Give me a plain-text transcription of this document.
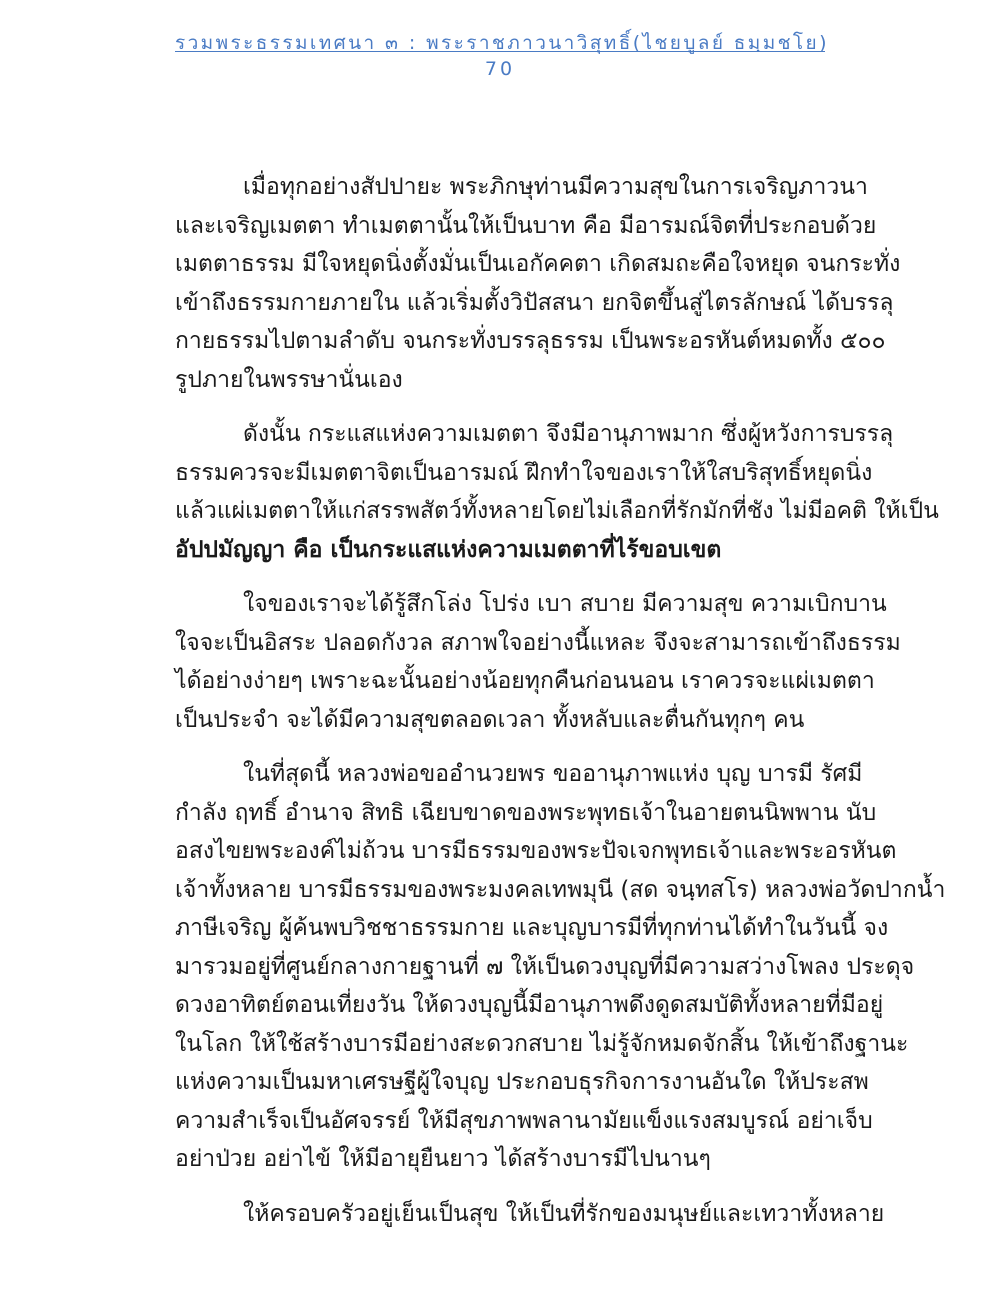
รวมพระธรรมเทศนา ๓ : พระราชภาวนาวิสุทธิ์(ไชยบูลย์ ธมฺมชโย)
70
เมื่อทุกอย่างสัปปายะ พระภิกษุท่านมีความสุขในการเจริญภาวนา
และเจริญเมตตา ทำเมตตานั้นให้เป็นบาท คือ มีอารมณ์จิตที่ประกอบด้วย
เมตตาธรรม มีใจหยุดนิ่งตั้งมั่นเป็นเอกัคคตา เกิดสมถะคือใจหยุด จนกระทั่ง
เข้าถึงธรรมกายภายใน แล้วเริ่มตั้งวิปัสสนา ยกจิตขึ้นสู่ไตรลักษณ์ ได้บรรลุ
กายธรรมไปตามลำดับ จนกระทั่งบรรลุธรรม เป็นพระอรหันต์หมดทั้ง ๕๐๐
รูปภายในพรรษานั่นเอง
ดังนั้น กระแสแห่งความเมตตา จึงมีอานุภาพมาก ซึ่งผู้หวังการบรรลุ
ธรรมควรจะมีเมตตาจิตเป็นอารมณ์ ฝึกทำใจของเราให้ใสบริสุทธิ์หยุดนิ่ง
แล้วแผ่เมตตาให้แก่สรรพสัตว์ทั้งหลายโดยไม่เลือกที่รักมักที่ชัง ไม่มีอคติ ให้เป็น
อัปปมัญญา คือ เป็นกระแสแห่งความเมตตาที่ไร้ขอบเขต
ใจของเราจะได้รู้สึกโล่ง โปร่ง เบา สบาย มีความสุข ความเบิกบาน
ใจจะเป็นอิสระ ปลอดกังวล สภาพใจอย่างนี้แหละ จึงจะสามารถเข้าถึงธรรม
ได้อย่างง่ายๆ เพราะฉะนั้นอย่างน้อยทุกคืนก่อนนอน เราควรจะแผ่เมตตา
เป็นประจำ จะได้มีความสุขตลอดเวลา ทั้งหลับและตื่นกันทุกๆ คน
ในที่สุดนี้ หลวงพ่อขออำนวยพร ขออานุภาพแห่ง บุญ บารมี รัศมี
กำลัง ฤทธิ์ อำนาจ สิทธิ เฉียบขาดของพระพุทธเจ้าในอายตนนิพพาน นับ
อสงไขยพระองค์ไม่ถ้วน บารมีธรรมของพระปัจเจกพุทธเจ้าและพระอรหันต
เจ้าทั้งหลาย บารมีธรรมของพระมงคลเทพมุนี (สด จนฺทสโร) หลวงพ่อวัดปากน้ำ
ภาษีเจริญ ผู้ค้นพบวิชชาธรรมกาย และบุญบารมีที่ทุกท่านได้ทำในวันนี้ จง
มารวมอยู่ที่ศูนย์กลางกายฐานที่ ๗ ให้เป็นดวงบุญที่มีความสว่างโพลง ประดุจ
ดวงอาทิตย์ตอนเที่ยงวัน ให้ดวงบุญนี้มีอานุภาพดึงดูดสมบัติทั้งหลายที่มีอยู่
ในโลก ให้ใช้สร้างบารมีอย่างสะดวกสบาย ไม่รู้จักหมดจักสิ้น ให้เข้าถึงฐานะ
แห่งความเป็นมหาเศรษฐีผู้ใจบุญ ประกอบธุรกิจการงานอันใด ให้ประสพ
ความสำเร็จเป็นอัศจรรย์ ให้มีสุขภาพพลานามัยแข็งแรงสมบูรณ์ อย่าเจ็บ
อย่าป่วย อย่าไข้ ให้มีอายุยืนยาว ได้สร้างบารมีไปนานๆ
ให้ครอบครัวอยู่เย็นเป็นสุข ให้เป็นที่รักของมนุษย์และเทวาทั้งหลาย
